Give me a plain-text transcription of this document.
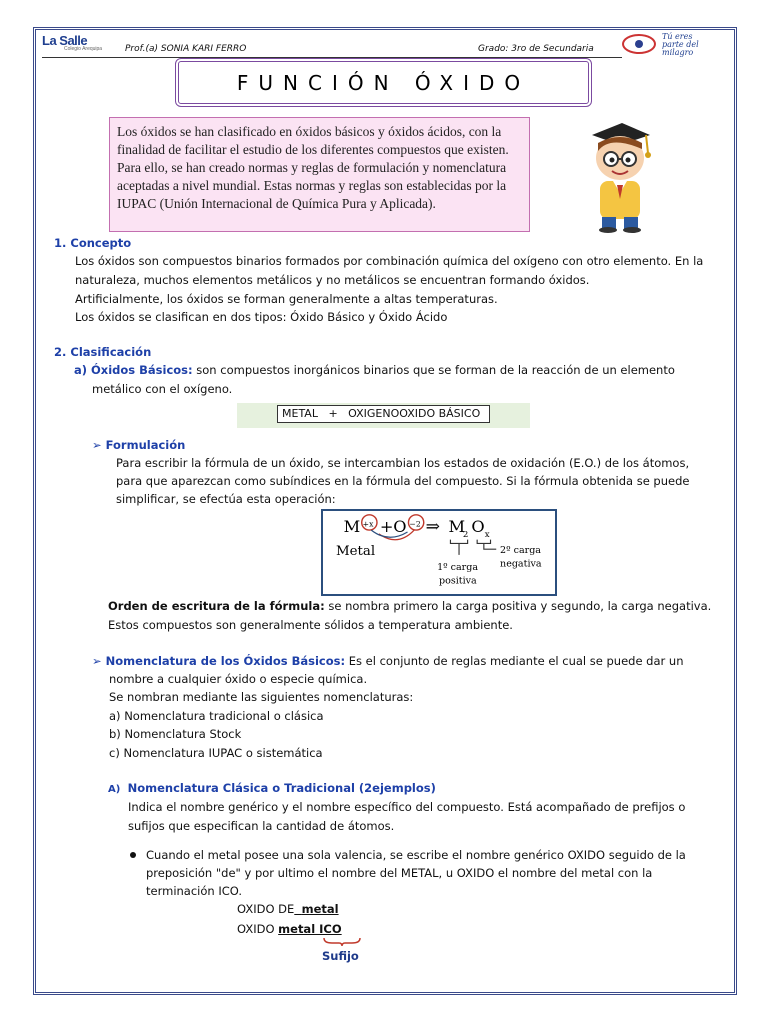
La Salle
Colegio Arequipa	Prof.(a) SONIA KARI FERRO	Grado: 3ro de Secundaria
Tú eres parte del milagro
FUNCIÓN ÓXIDO
Los óxidos se han clasificado en óxidos básicos y óxidos ácidos, con la finalidad de facilitar el estudio de los diferentes compuestos que existen. Para ello, se han creado normas y reglas de formulación y nomenclatura aceptadas a nivel mundial. Estas normas y reglas son establecidas por la IUPAC (Unión Internacional de Química Pura y Aplicada).
1. Concepto
Los óxidos son compuestos binarios formados por combinación química del oxígeno con otro elemento. En la
naturaleza, muchos elementos metálicos y no metálicos se encuentran formando óxidos.
Artificialmente, los óxidos se forman generalmente a altas temperaturas.
Los óxidos se clasifican en dos tipos: Óxido Básico y Óxido Ácido
2. Clasificación
a) Óxidos Básicos: son compuestos inorgánicos binarios que se forman de la reacción de un elemento
metálico con el oxígeno.
METAL   +   OXIGENOOXIDO BÁSICO
➢ Formulación
Para escribir la fórmula de un óxido, se intercambian los estados de oxidación (E.O.) de los átomos,
para que aparezcan como subíndices en la fórmula del compuesto. Si la fórmula obtenida se puede
simplificar, se efectúa esta operación:
M +x + O −2 ⇒ M
2 O x
Metal
1º carga
positiva
2º carga
negativa
Orden de escritura de la fórmula: se nombra primero la carga positiva y segundo, la carga negativa.
Estos compuestos son generalmente sólidos a temperatura ambiente.
➢ Nomenclatura de los Óxidos Básicos: Es el conjunto de reglas mediante el cual se puede dar un
nombre a cualquier óxido o especie química.
Se nombran mediante las siguientes nomenclaturas:
a) Nomenclatura tradicional o clásica
b) Nomenclatura Stock
c) Nomenclatura IUPAC o sistemática
A) Nomenclatura Clásica o Tradicional (2ejemplos)
Indica el nombre genérico y el nombre específico del compuesto. Está acompañado de prefijos o
sufijos que especifican la cantidad de átomos.
Cuando el metal posee una sola valencia, se escribe el nombre genérico OXIDO seguido de la
preposición "de" y por ultimo el nombre del METAL, u OXIDO el nombre del metal con la
terminación ICO.
OXIDO DE metal
OXIDO metal ICO
Sufijo
